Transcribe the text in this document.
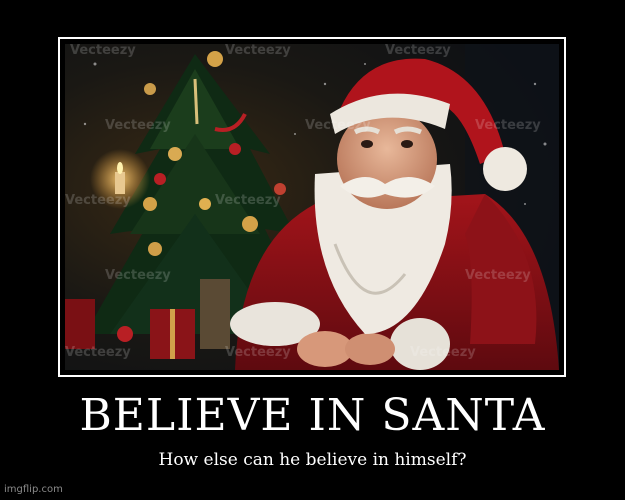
Vecteezy	Vecteezy	Vecteezy
Vecteezy	Vecteezy	Vecteezy
Vecteezy	Vecteezy
Vecteezy	Vecteezy
Vecteezy	Vecteezy	Vecteezy
BELIEVE IN SANTA
How else can he believe in himself?
imgflip.com
